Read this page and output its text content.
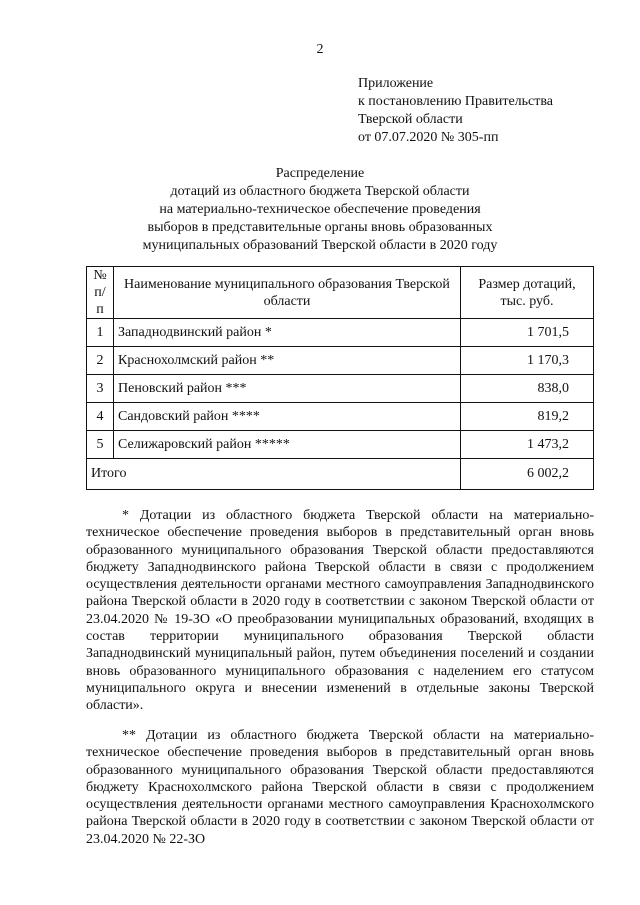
2
Приложение
к постановлению Правительства
Тверской области
от 07.07.2020 № 305-пп
Распределение
дотаций из областного бюджета Тверской области
на материально-техническое обеспечение проведения
выборов в представительные органы вновь образованных
муниципальных образований Тверской области в 2020 году
№ п/п	Наименование муниципального образования Тверской области	Размер дотаций, тыс. руб.
1	Западнодвинский район *	1 701,5
2	Краснохолмский район **	1 170,3
3	Пеновский район ***	838,0
4	Сандовский район ****	819,2
5	Селижаровский район *****	1 473,2
Итого		6 002,2
* Дотации из областного бюджета Тверской области на материально-техническое обеспечение проведения выборов в представительный орган вновь образованного муниципального образования Тверской области предоставляются бюджету Западнодвинского района Тверской области в связи с продолжением осуществления деятельности органами местного самоуправления Западнодвинского района Тверской области в 2020 году в соответствии с законом Тверской области от 23.04.2020 № 19-ЗО «О преобразовании муниципальных образований, входящих в состав территории муниципального образования Тверской области Западнодвинский муниципальный район, путем объединения поселений и создании вновь образованного муниципального образования с наделением его статусом муниципального округа и внесении изменений в отдельные законы Тверской области».
** Дотации из областного бюджета Тверской области на материально-техническое обеспечение проведения выборов в представительный орган вновь образованного муниципального образования Тверской области предоставляются бюджету Краснохолмского района Тверской области в связи с продолжением осуществления деятельности органами местного самоуправления Краснохолмского района Тверской области в 2020 году в соответствии с законом Тверской области от 23.04.2020 № 22-ЗО
